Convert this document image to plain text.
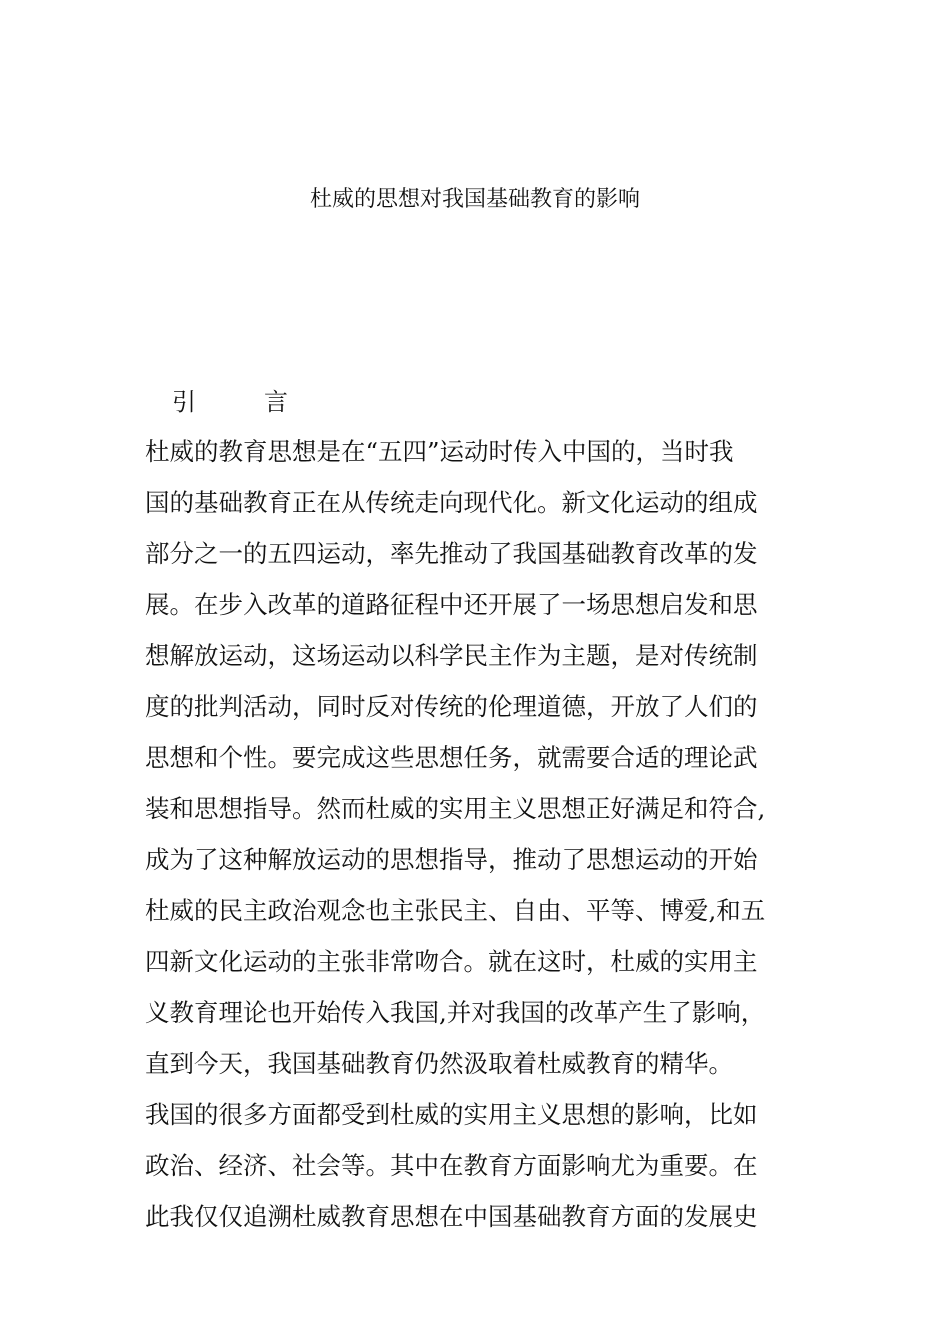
杜威的思想对我国基础教育的影响
引　言
杜威的教育思想是在“五四”运动时传入中国的，当时我
国的基础教育正在从传统走向现代化。新文化运动的组成
部分之一的五四运动，率先推动了我国基础教育改革的发
展。在步入改革的道路征程中还开展了一场思想启发和思
想解放运动，这场运动以科学民主作为主题，是对传统制
度的批判活动，同时反对传统的伦理道德，开放了人们的
思想和个性。要完成这些思想任务，就需要合适的理论武
装和思想指导。然而杜威的实用主义思想正好满足和符合,
成为了这种解放运动的思想指导，推动了思想运动的开始
杜威的民主政治观念也主张民主、自由、平等、博爱,和五
四新文化运动的主张非常吻合。就在这时，杜威的实用主
义教育理论也开始传入我国,并对我国的改革产生了影响，
直到今天，我国基础教育仍然汲取着杜威教育的精华。
我国的很多方面都受到杜威的实用主义思想的影响，比如
政治、经济、社会等。其中在教育方面影响尤为重要。在
此我仅仅追溯杜威教育思想在中国基础教育方面的发展史
